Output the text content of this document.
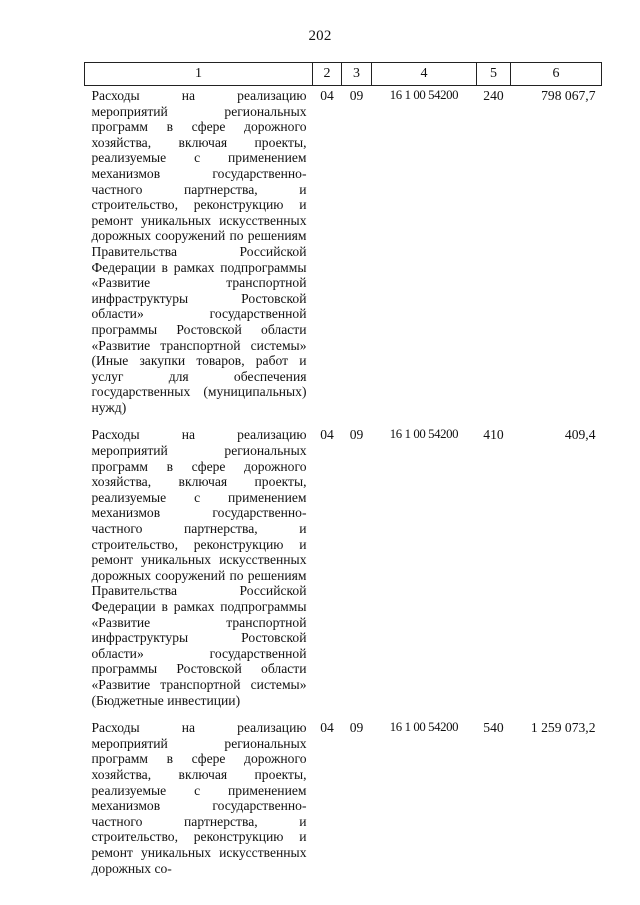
202
1	2	3	4	5	6
Расходы на реализацию мероприятий региональных программ в сфере дорожного хозяйства, включая проекты, реализуемые с применением механизмов государственно-частного партнерства, и строительство, реконструкцию и ремонт уникальных искусственных дорожных сооружений по решениям Правительства Российской Федерации в рамках подпрограммы «Развитие транспортной инфраструктуры Ростовской области» государственной программы Ростовской области «Развитие транспортной системы» (Иные закупки товаров, работ и услуг для обеспечения государственных (муниципальных) нужд)	04	09	16 1 00 54200	240	798 067,7
Расходы на реализацию мероприятий региональных программ в сфере дорожного хозяйства, включая проекты, реализуемые с применением механизмов государственно-частного партнерства, и строительство, реконструкцию и ремонт уникальных искусственных дорожных сооружений по решениям Правительства Российской Федерации в рамках подпрограммы «Развитие транспортной инфраструктуры Ростовской области» государственной программы Ростовской области «Развитие транспортной системы» (Бюджетные инвестиции)	04	09	16 1 00 54200	410	409,4
Расходы на реализацию мероприятий региональных программ в сфере дорожного хозяйства, включая проекты, реализуемые с применением механизмов государственно-частного партнерства, и строительство, реконструкцию и ремонт уникальных искусственных дорожных со-	04	09	16 1 00 54200	540	1 259 073,2
